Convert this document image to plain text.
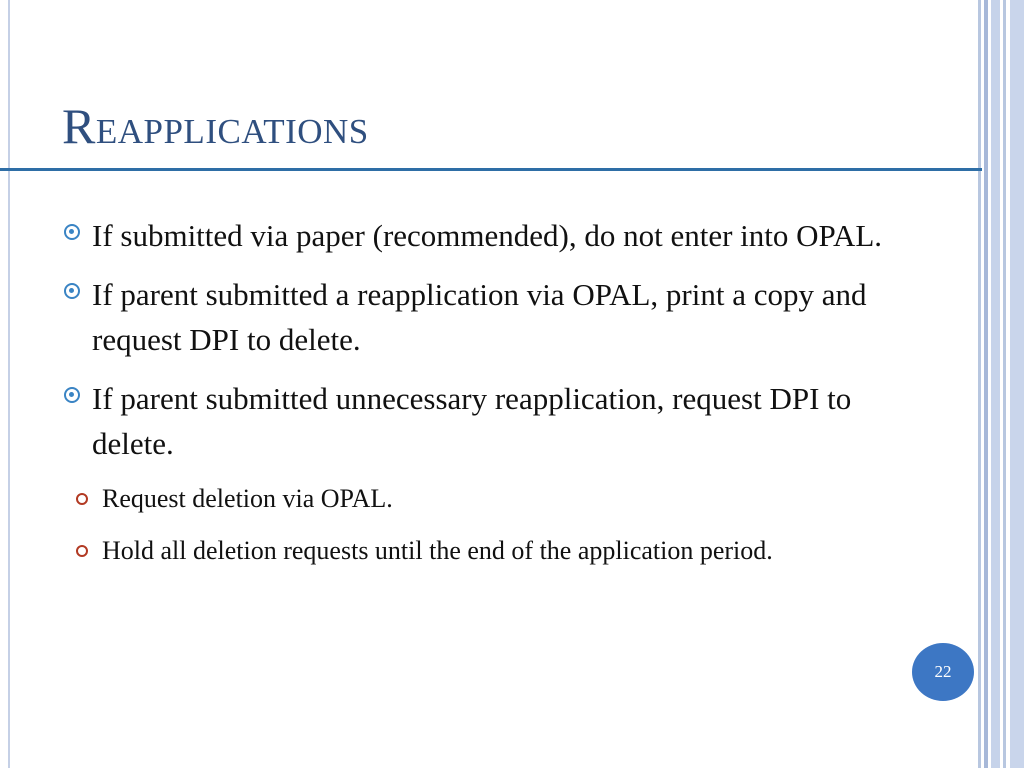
Reapplications
If submitted via paper (recommended), do not enter into OPAL.
If parent submitted a reapplication via OPAL, print a copy and request DPI to delete.
If parent submitted unnecessary reapplication, request DPI to delete.
Request deletion via OPAL.
Hold all deletion requests until the end of the application period.
22
